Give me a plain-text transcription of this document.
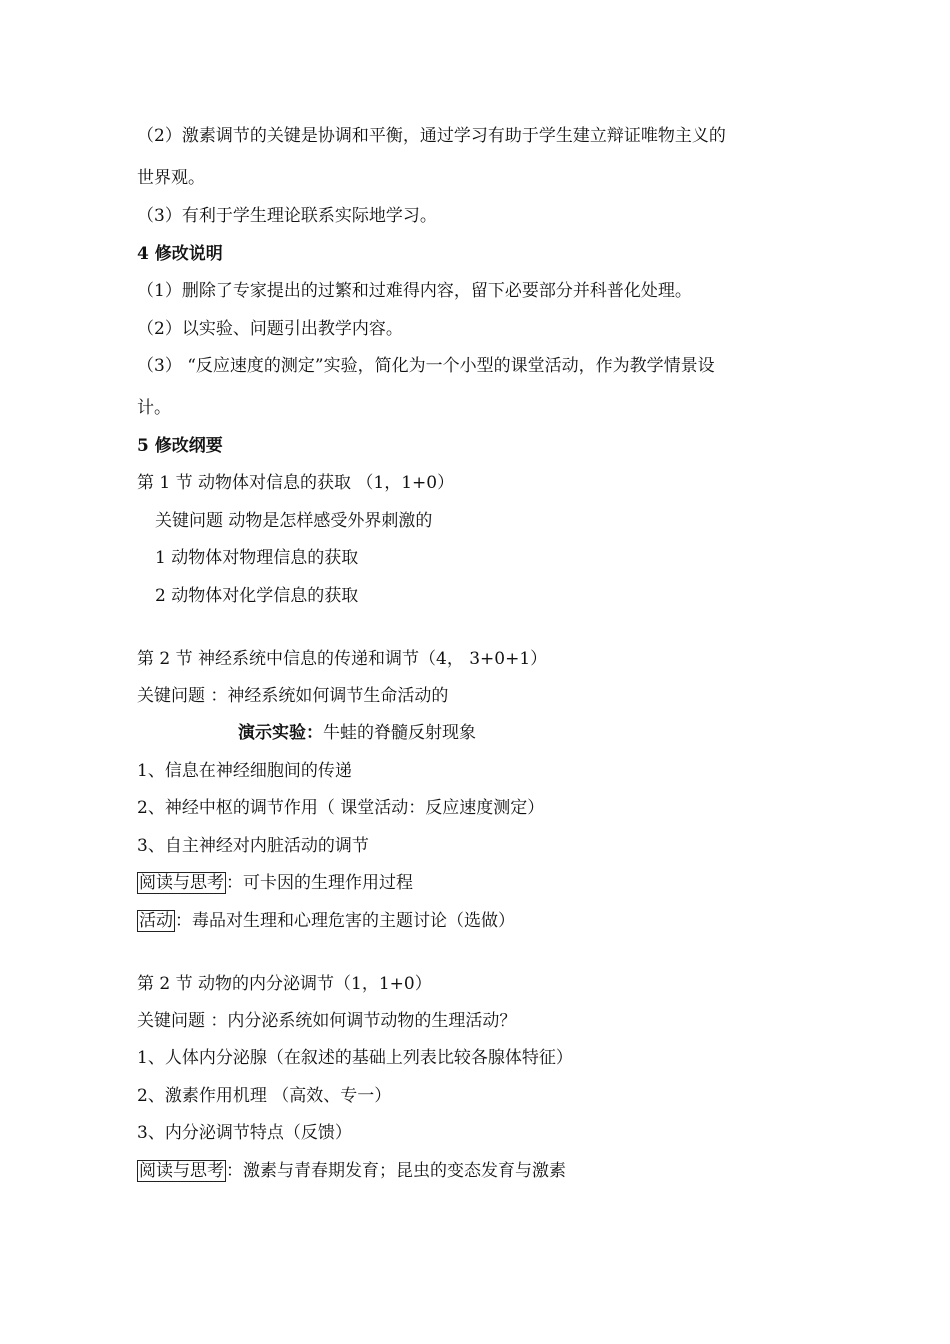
（2）激素调节的关键是协调和平衡，通过学习有助于学生建立辩证唯物主义的
世界观。
（3）有利于学生理论联系实际地学习。
4 修改说明
（1）删除了专家提出的过繁和过难得内容，留下必要部分并科普化处理。
（2）以实验、问题引出教学内容。
（3） “反应速度的测定”实验，简化为一个小型的课堂活动，作为教学情景设
计。
5 修改纲要
第 1 节 动物体对信息的获取 （1，1+0）
关键问题 动物是怎样感受外界刺激的
1 动物体对物理信息的获取
2 动物体对化学信息的获取
第 2 节 神经系统中信息的传递和调节（4， 3+0+1）
关键问题 ：神经系统如何调节生命活动的
演示实验：牛蛙的脊髓反射现象
1、信息在神经细胞间的传递
2、神经中枢的调节作用（ 课堂活动：反应速度测定）
3、自主神经对内脏活动的调节
阅读与思考 ：可卡因的生理作用过程
活动 ：毒品对生理和心理危害的主题讨论（选做）
第 2 节 动物的内分泌调节（1，1+0）
关键问题 ：内分泌系统如何调节动物的生理活动？
1、人体内分泌腺（在叙述的基础上列表比较各腺体特征）
2、激素作用机理 （高效、专一）
3、内分泌调节特点（反馈）
阅读与思考 ：激素与青春期发育；昆虫的变态发育与激素
